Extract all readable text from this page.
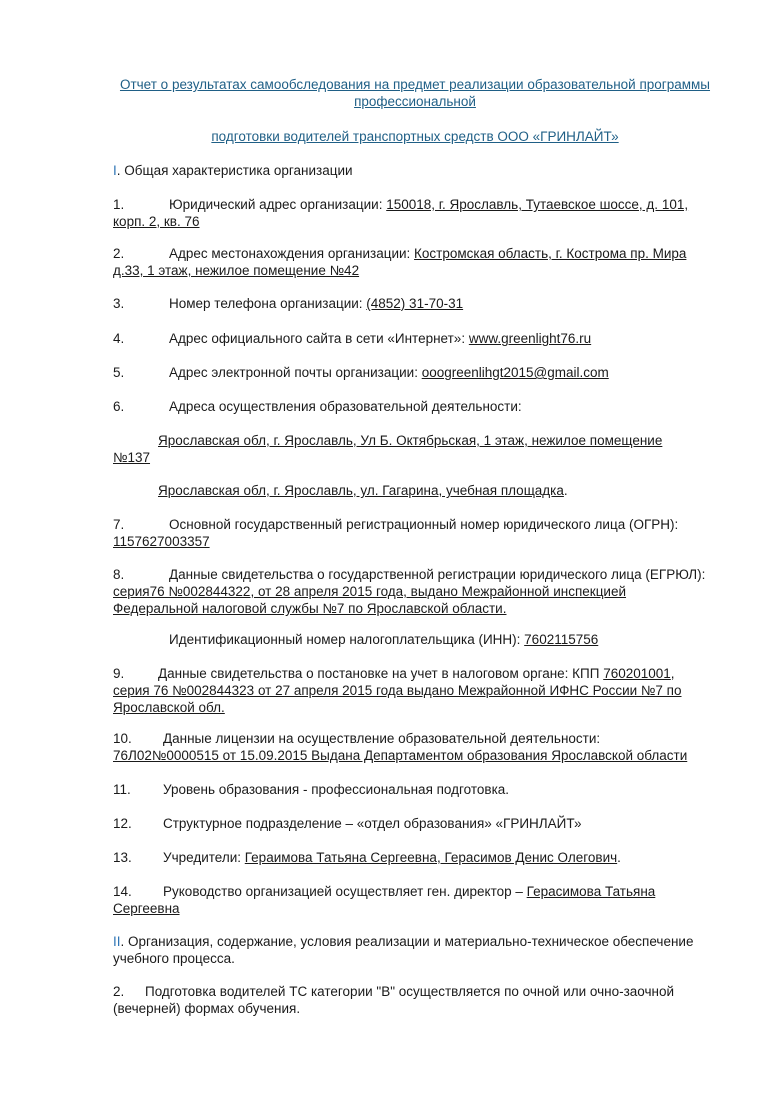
Отчет о результатах самообследования на предмет реализации образовательной программы
профессиональной
подготовки водителей транспортных средств ООО «ГРИНЛАЙТ»
I. Общая характеристика организации
1.	Юридический адрес организации: 150018, г. Ярославль, Тутаевское шоссе, д. 101,
корп. 2, кв. 76
2.	Адрес местонахождения организации: Костромская область, г. Кострома пр. Мира
д.33, 1 этаж, нежилое помещение №42
3.	Номер телефона организации: (4852) 31-70-31
4.	Адрес официального сайта в сети «Интернет»: www.greenlight76.ru
5.	Адрес электронной почты организации: ooogreenlihgt2015@gmail.com
6.	Адреса осуществления образовательной деятельности:
Ярославская обл, г. Ярославль, Ул Б. Октябрьская, 1 этаж, нежилое помещение
№137
Ярославская обл, г. Ярославль, ул. Гагарина, учебная площадка.
7.	Основной государственный регистрационный номер юридического лица (ОГРН):
1157627003357
8.	Данные свидетельства о государственной регистрации юридического лица (ЕГРЮЛ):
серия76 №002844322, от 28 апреля 2015 года, выдано Межрайонной инспекцией
Федеральной налоговой службы №7 по Ярославской области.
Идентификационный номер налогоплательщика (ИНН): 7602115756
9. Данные свидетельства о постановке на учет в налоговом органе: КПП 760201001,
серия 76 №002844323 от 27 апреля 2015 года выдано Межрайонной ИФНС России №7 по
Ярославской обл.
10. Данные лицензии на осуществление образовательной деятельности:
76Л02№0000515 от 15.09.2015 Выдана Департаментом образования Ярославской области
11. Уровень образования - профессиональная подготовка.
12. Структурное подразделение – «отдел образования» «ГРИНЛАЙТ»
13. Учредители: Гераимова Татьяна Сергеевна, Герасимов Денис Олегович.
14. Руководство организацией осуществляет ген. директор – Герасимова Татьяна
Сергеевна
II. Организация, содержание, условия реализации и материально-техническое обеспечение
учебного процесса.
2. Подготовка водителей ТС категории "В" осуществляется по очной или очно-заочной
(вечерней) формах обучения.
